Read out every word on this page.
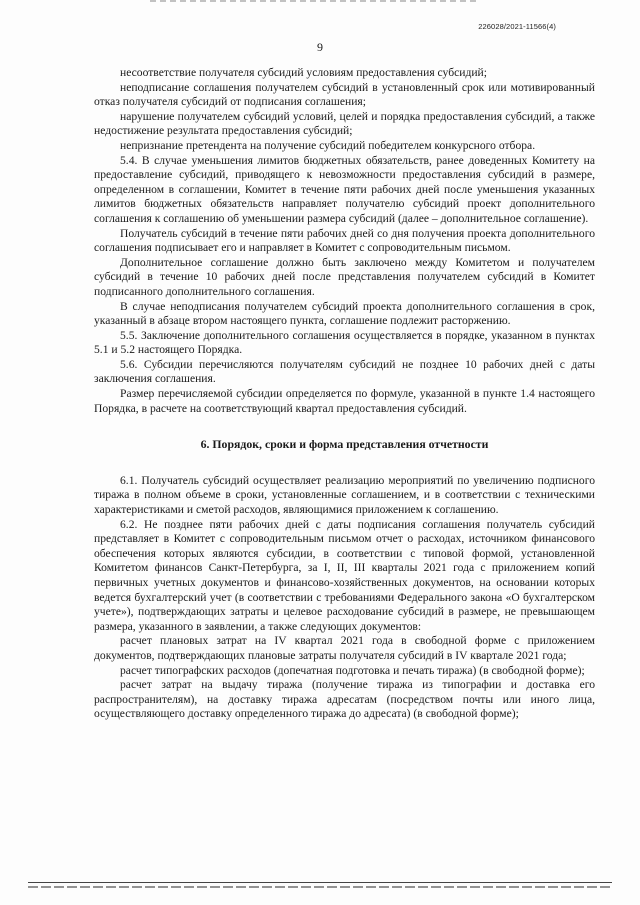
226028/2021-11566(4)
9

несоответствие получателя субсидий условиям предоставления субсидий;

неподписание соглашения получателем субсидий в установленный срок или мотивированный отказ получателя субсидий от подписания соглашения;

нарушение получателем субсидий условий, целей и порядка предоставления субсидий, а также недостижение результата предоставления субсидий;

непризнание претендента на получение субсидий победителем конкурсного отбора.

5.4. В случае уменьшения лимитов бюджетных обязательств, ранее доведенных Комитету на предоставление субсидий, приводящего к невозможности предоставления субсидий в размере, определенном в соглашении, Комитет в течение пяти рабочих дней после уменьшения указанных лимитов бюджетных обязательств направляет получателю субсидий проект дополнительного соглашения к соглашению об уменьшении размера субсидий (далее – дополнительное соглашение).

Получатель субсидий в течение пяти рабочих дней со дня получения проекта дополнительного соглашения подписывает его и направляет в Комитет с сопроводительным письмом.

Дополнительное соглашение должно быть заключено между Комитетом и получателем субсидий в течение 10 рабочих дней после представления получателем субсидий в Комитет подписанного дополнительного соглашения.

В случае неподписания получателем субсидий проекта дополнительного соглашения в срок, указанный в абзаце втором настоящего пункта, соглашение подлежит расторжению.

5.5. Заключение дополнительного соглашения осуществляется в порядке, указанном в пунктах 5.1 и 5.2 настоящего Порядка.

5.6. Субсидии перечисляются получателям субсидий не позднее 10 рабочих дней с даты заключения соглашения.

Размер перечисляемой субсидии определяется по формуле, указанной в пункте 1.4 настоящего Порядка, в расчете на соответствующий квартал предоставления субсидий.

6. Порядок, сроки и форма представления отчетности

6.1. Получатель субсидий осуществляет реализацию мероприятий по увеличению подписного тиража в полном объеме в сроки, установленные соглашением, и в соответствии с техническими характеристиками и сметой расходов, являющимися приложением к соглашению.

6.2. Не позднее пяти рабочих дней с даты подписания соглашения получатель субсидий представляет в Комитет с сопроводительным письмом отчет о расходах, источником финансового обеспечения которых являются субсидии, в соответствии с типовой формой, установленной Комитетом финансов Санкт-Петербурга, за I, II, III кварталы 2021 года с приложением копий первичных учетных документов и финансово-хозяйственных документов, на основании которых ведется бухгалтерский учет (в соответствии с требованиями Федерального закона «О бухгалтерском учете»), подтверждающих затраты и целевое расходование субсидий в размере, не превышающем размера, указанного в заявлении, а также следующих документов:

расчет плановых затрат на IV квартал 2021 года в свободной форме с приложением документов, подтверждающих плановые затраты получателя субсидий в IV квартале 2021 года;

расчет типографских расходов (допечатная подготовка и печать тиража) (в свободной форме);

расчет затрат на выдачу тиража (получение тиража из типографии и доставка его распространителям), на доставку тиража адресатам (посредством почты или иного лица, осуществляющего доставку определенного тиража до адресата) (в свободной форме);
